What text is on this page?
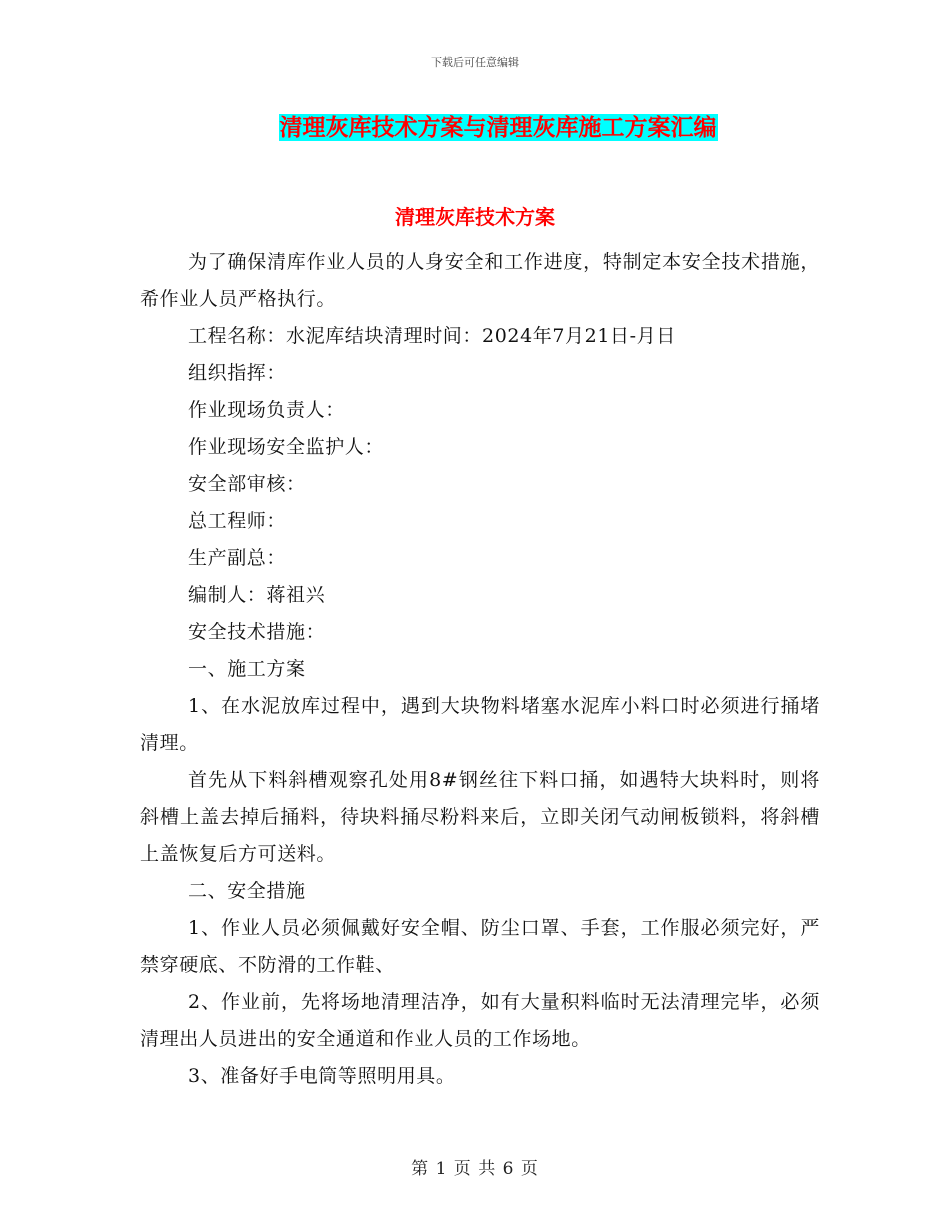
下载后可任意编辑
清理灰库技术方案与清理灰库施工方案汇编
清理灰库技术方案

为了确保清库作业人员的人身安全和工作进度，特制定本安全技术措施，希作业人员严格执行。

工程名称：水泥库结块清理时间：2024年7月21日-月日

组织指挥：

作业现场负责人：

作业现场安全监护人：

安全部审核：

总工程师：

生产副总：

编制人：蒋祖兴

安全技术措施：

一、施工方案

1、在水泥放库过程中，遇到大块物料堵塞水泥库小料口时必须进行捅堵清理。

首先从下料斜槽观察孔处用8#钢丝往下料口捅，如遇特大块料时，则将斜槽上盖去掉后捅料，待块料捅尽粉料来后，立即关闭气动闸板锁料，将斜槽上盖恢复后方可送料。

二、安全措施

1、作业人员必须佩戴好安全帽、防尘口罩、手套，工作服必须完好，严禁穿硬底、不防滑的工作鞋、

2、作业前，先将场地清理洁净，如有大量积料临时无法清理完毕，必须清理出人员进出的安全通道和作业人员的工作场地。

3、准备好手电筒等照明用具。

第 1 页 共 6 页
